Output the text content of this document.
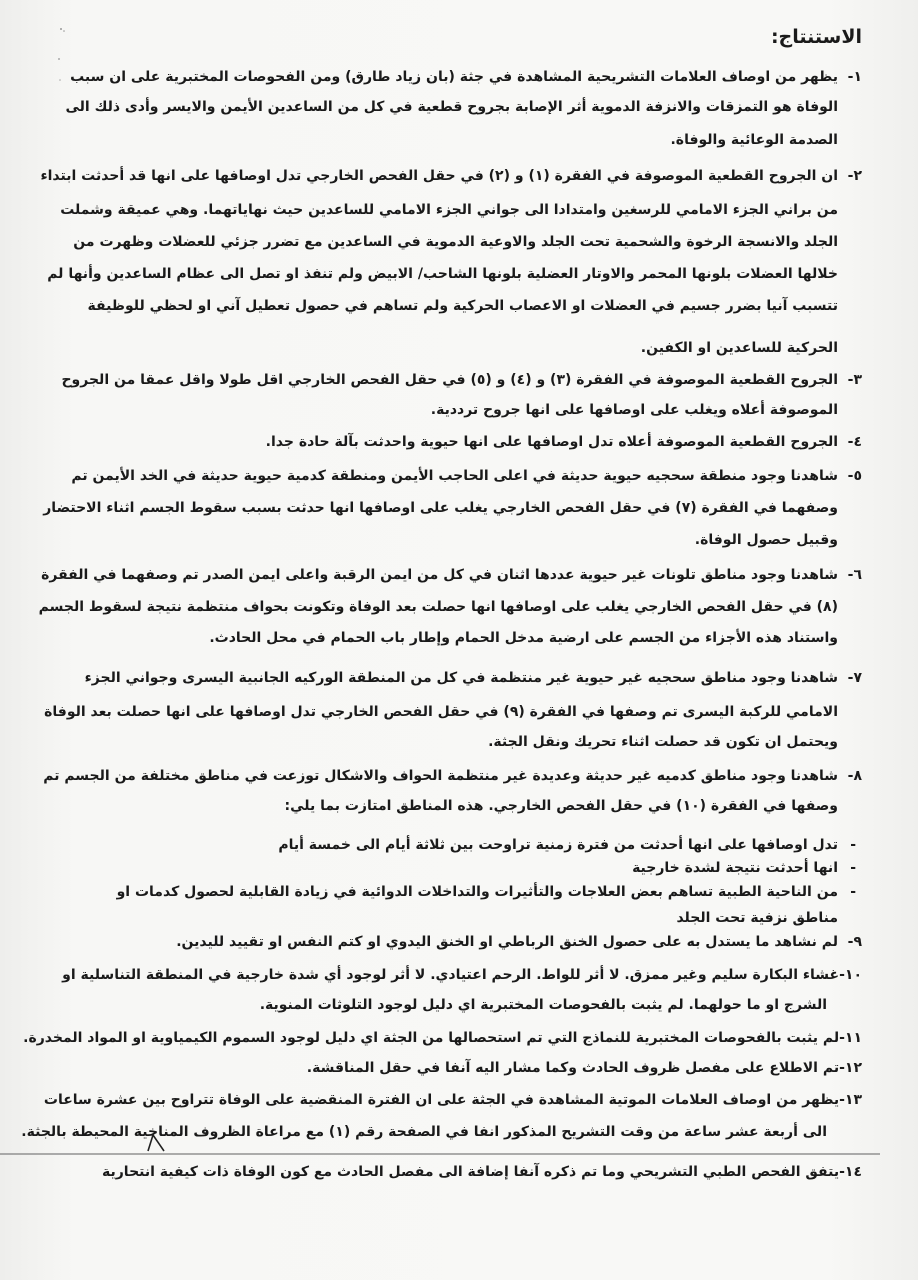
الاستنتاج:
١-
يظهر من اوصاف العلامات التشريحية المشاهدة في جثة (بان زياد طارق) ومن الفحوصات المختبرية على ان سبب
الوفاة هو التمزقات والانزفة الدموية أثر الإصابة بجروح قطعية في كل من الساعدين الأيمن والايسر وأدى ذلك الى
الصدمة الوعائية والوفاة.
٢-
ان الجروح القطعية الموصوفة في الفقرة (١) و (٢) في حقل الفحص الخارجي تدل اوصافها على انها قد أحدثت ابتداء
من براني الجزء الامامي للرسغين وامتدادا الى جواني الجزء الامامي للساعدين حيث نهاياتهما. وهي عميقة وشملت
الجلد والانسجة الرخوة والشحمية تحت الجلد والاوعية الدموية في الساعدين مع تضرر جزئي للعضلات وظهرت من
خلالها العضلات بلونها المحمر والاوتار العضلية بلونها الشاحب/ الابيض ولم تنفذ او تصل الى عظام الساعدين وأنها لم
تتسبب آنيا بضرر جسيم في العضلات او الاعصاب الحركية ولم تساهم في حصول تعطيل آني او لحظي للوظيفة
الحركية للساعدين او الكفين.
٣-
الجروح القطعية الموصوفة في الفقرة (٣) و (٤) و (٥) في حقل الفحص الخارجي اقل طولا واقل عمقا من الجروح
الموصوفة أعلاه ويغلب على اوصافها على انها جروح ترددية.
٤-
الجروح القطعية الموصوفة أعلاه تدل اوصافها على انها حيوية واحدثت بآلة حادة جدا.
٥-
شاهدنا وجود منطقة سحجيه حيوية حديثة في اعلى الحاجب الأيمن ومنطقة كدمية حيوية حديثة في الخد الأيمن تم
وصفهما في الفقرة (٧) في حقل الفحص الخارجي يغلب على اوصافها انها حدثت بسبب سقوط الجسم اثناء الاحتضار
وقبيل حصول الوفاة.
٦-
شاهدنا وجود مناطق تلونات غير حيوية عددها اثنان في كل من ايمن الرقبة واعلى ايمن الصدر تم وصفهما في الفقرة
(٨) في حقل الفحص الخارجي يغلب على اوصافها انها حصلت بعد الوفاة وتكونت بحواف منتظمة نتيجة لسقوط الجسم
واستناد هذه الأجزاء من الجسم على ارضية مدخل الحمام وإطار باب الحمام في محل الحادث.
٧-
شاهدنا وجود مناطق سحجيه غير حيوية غير منتظمة في كل من المنطقة الوركيه الجانبية اليسرى وجواني الجزء
الامامي للركبة اليسرى تم وصفها في الفقرة (٩) في حقل الفحص الخارجي تدل اوصافها على انها حصلت بعد الوفاة
ويحتمل ان تكون قد حصلت اثناء تحريك ونقل الجثة.
٨-
شاهدنا وجود مناطق كدميه غير حديثة وعديدة غير منتظمة الحواف والاشكال توزعت في مناطق مختلفة من الجسم تم
وصفها في الفقرة (١٠) في حقل الفحص الخارجي. هذه المناطق امتازت بما يلي:
-
تدل اوصافها على انها أحدثت من فترة زمنية تراوحت بين ثلاثة أيام الى خمسة أيام
-
انها أحدثت نتيجة لشدة خارجية
-
من الناحية الطبية تساهم بعض العلاجات والتأثيرات والتداخلات الدوائية في زيادة القابلية لحصول كدمات او
مناطق نزفية تحت الجلد
٩-
لم نشاهد ما يستدل به على حصول الخنق الرباطي او الخنق اليدوي او كتم النفس او تقييد لليدين.
١٠-غشاء البكارة سليم وغير ممزق. لا أثر للواط. الرحم اعتيادي. لا أثر لوجود أي شدة خارجية في المنطقة التناسلية او
الشرج او ما حولهما. لم يثبت بالفحوصات المختبرية اي دليل لوجود التلوثات المنوية.
١١-لم يثبت بالفحوصات المختبرية للنماذج التي تم استحصالها من الجثة اي دليل لوجود السموم الكيمياوية او المواد المخدرة.
١٢-تم الاطلاع على مفصل ظروف الحادث وكما مشار اليه آنفا في حقل المناقشة.
١٣-يظهر من اوصاف العلامات الموتية المشاهدة في الجثة على ان الفترة المنقضية على الوفاة تتراوح بين عشرة ساعات
الى أربعة عشر ساعة من وقت التشريح المذكور انفا في الصفحة رقم (١) مع مراعاة الظروف المناخية المحيطة بالجثة.
١٤-يتفق الفحص الطبي التشريحي وما تم ذكره آنفا إضافة الى مفصل الحادث مع كون الوفاة ذات كيفية انتحارية
